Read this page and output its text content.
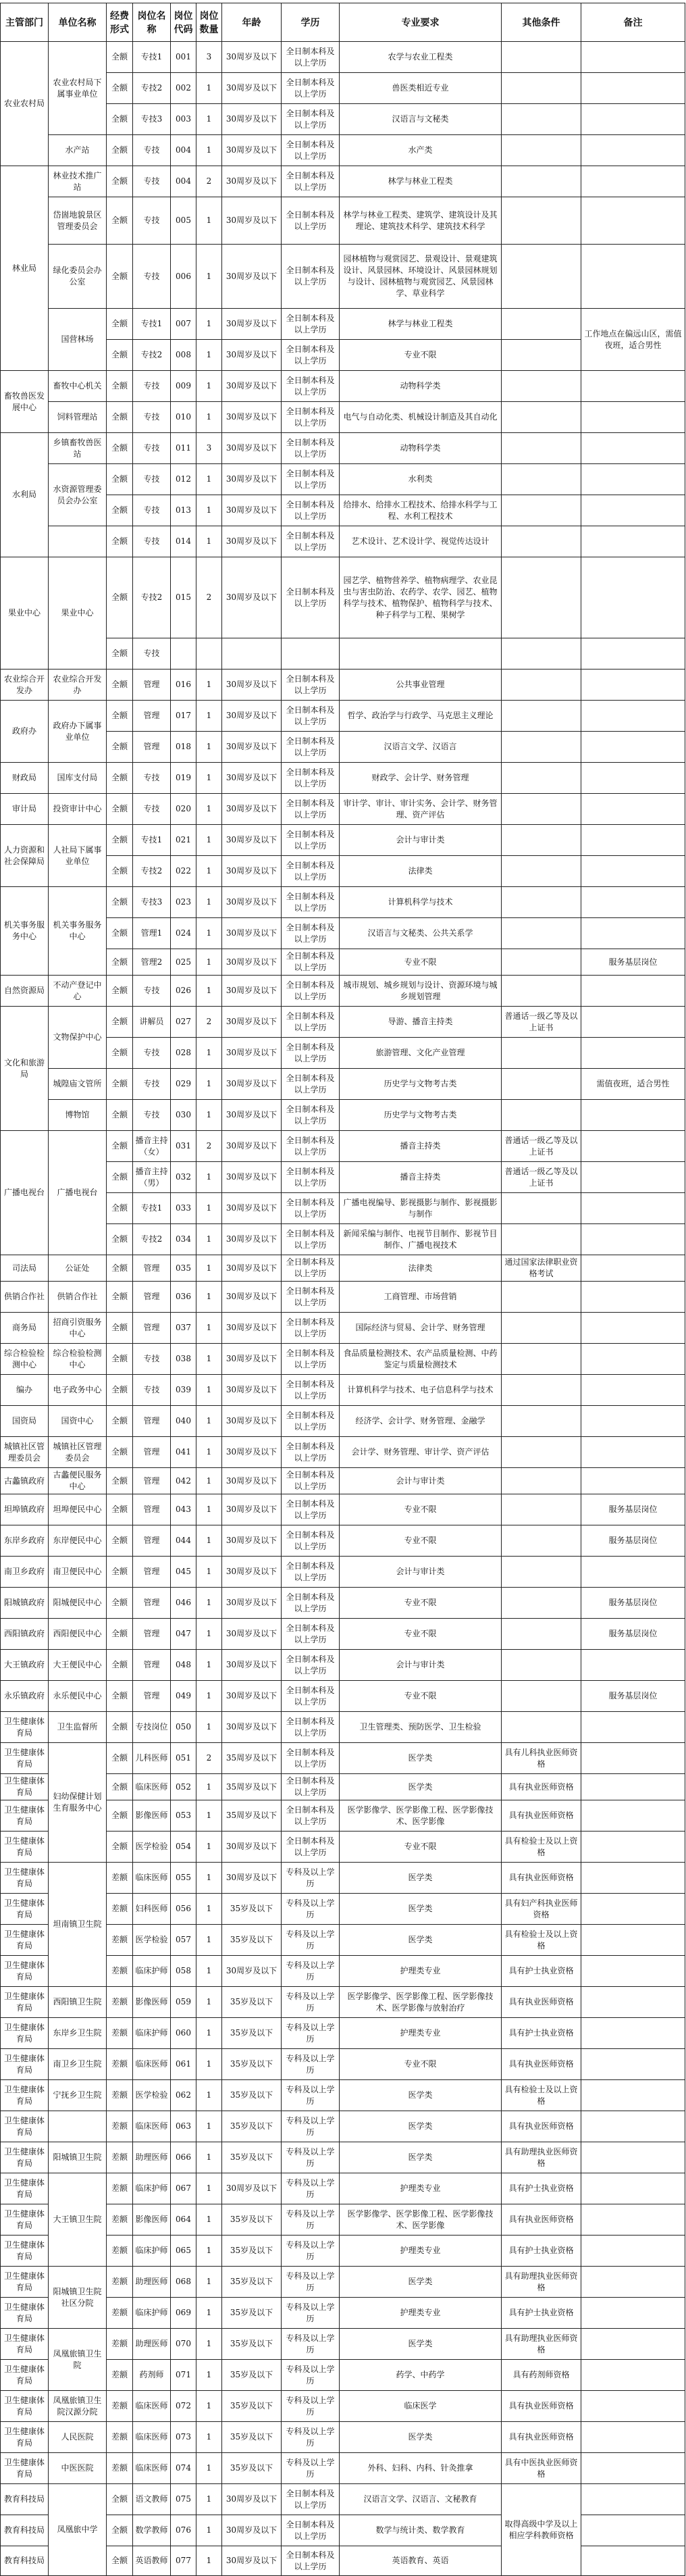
主管部门	单位名称	经费形式	岗位名称	岗位代码	岗位数量	年龄	学历	专业要求	其他条件	备注
农业农村局	农业农村局下属事业单位	全额	专技1	001	3	30周岁及以下	全日制本科及以上学历	农学与农业工程类		
		全额	专技2	002	1	30周岁及以下	全日制本科及以上学历	兽医类相近专业		
		全额	专技3	003	1	30周岁及以下	全日制本科及以上学历	汉语言与文秘类		
	水产站	全额	专技	004	1	30周岁及以下	全日制本科及以上学历	水产类		
林业局	林业技术推广站	全额	专技	004	2	30周岁及以下	全日制本科及以上学历	林学与林业工程类		
	岱崮地貌景区管理委员会	全额	专技	005	1	30周岁及以下	全日制本科及以上学历	林学与林业工程类、建筑学、建筑设计及其理论、建筑技术科学、建筑技术科学		
	绿化委员会办公室	全额	专技	006	1	30周岁及以下	全日制本科及以上学历	园林植物与观赏园艺、景观设计、景观建筑设计、风景园林、环境设计、风景园林规划与设计、园林植物与观赏园艺、风景园林学、草业科学		
	国营林场	全额	专技1	007	1	30周岁及以下	全日制本科及以上学历	林学与林业工程类		工作地点在偏远山区，需值夜班，适合男性
		全额	专技2	008	1	30周岁及以下	全日制本科及以上学历	专业不限		
畜牧兽医发展中心	畜牧中心机关	全额	专技	009	1	30周岁及以下	全日制本科及以上学历	动物科学类		
	饲料管理站	全额	专技	010	1	30周岁及以下	全日制本科及以上学历	电气与自动化类、机械设计制造及其自动化		
水利局	乡镇畜牧兽医站	全额	专技	011	3	30周岁及以下	全日制本科及以上学历	动物科学类		
	水资源管理委员会办公室	全额	专技	012	1	30周岁及以下	全日制本科及以上学历	水利类		
		全额	专技	013	1	30周岁及以下	全日制本科及以上学历	给排水、给排水工程技术、给排水科学与工程、水利工程技术		
		全额	专技	014	1	30周岁及以下	全日制本科及以上学历	艺术设计、艺术设计学、视觉传达设计		
果业中心	果业中心	全额	专技2	015	2	30周岁及以下	全日制本科及以上学历	园艺学、植物营养学、植物病理学、农业昆虫与害虫防治、农药学、农学、园艺、植物科学与技术、植物保护、植物科学与技术、种子科学与工程、果树学		
		全额	专技							
农业综合开发办	农业综合开发办	全额	管理	016	1	30周岁及以下	全日制本科及以上学历	公共事业管理		
政府办	政府办下属事业单位	全额	管理	017	1	30周岁及以下	全日制本科及以上学历	哲学、政治学与行政学、马克思主义理论		
		全额	管理	018	1	30周岁及以下	全日制本科及以上学历	汉语言文学、汉语言		
财政局	国库支付局	全额	专技	019	1	30周岁及以下	全日制本科及以上学历	财政学、会计学、财务管理		
审计局	投资审计中心	全额	专技	020	1	30周岁及以下	全日制本科及以上学历	审计学、审计、审计实务、会计学、财务管理、资产评估		
人力资源和社会保障局	人社局下属事业单位	全额	专技1	021	1	30周岁及以下	全日制本科及以上学历	会计与审计类		
		全额	专技2	022	1	30周岁及以下	全日制本科及以上学历	法律类		
机关事务服务中心	机关事务服务中心	全额	专技3	023	1	30周岁及以下	全日制本科及以上学历	计算机科学与技术		
		全额	管理1	024	1	30周岁及以下	全日制本科及以上学历	汉语言与文秘类、公共关系学		
		全额	管理2	025	1	30周岁及以下	全日制本科及以上学历	专业不限		服务基层岗位
自然资源局	不动产登记中心	全额	专技	026	1	30周岁及以下	全日制本科及以上学历	城市规划、城乡规划与设计、资源环境与城乡规划管理		
文化和旅游局	文物保护中心	全额	讲解员	027	2	30周岁及以下	全日制本科及以上学历	导游、播音主持类	普通话一级乙等及以上证书	
		全额	专技	028	1	30周岁及以下	全日制本科及以上学历	旅游管理、文化产业管理		
	城隍庙文管所	全额	专技	029	1	30周岁及以下	全日制本科及以上学历	历史学与文物考古类		需值夜班，适合男性
	博物馆	全额	专技	030	1	30周岁及以下	全日制本科及以上学历	历史学与文物考古类		
广播电视台	广播电视台	全额	播音主持（女）	031	2	30周岁及以下	全日制本科及以上学历	播音主持类	普通话一级乙等及以上证书	
		全额	播音主持（男）	032	1	30周岁及以下	全日制本科及以上学历	播音主持类	普通话一级乙等及以上证书	
		全额	专技1	033	1	30周岁及以下	全日制本科及以上学历	广播电视编导、影视摄影与制作、影视摄影与制作		
		全额	专技2	034	1	30周岁及以下	全日制本科及以上学历	新闻采编与制作、电视节目制作、影视节目制作、广播电视技术		
司法局	公证处	全额	管理	035	1	30周岁及以下	全日制本科及以上学历	法律类	通过国家法律职业资格考试	
供销合作社	供销合作社	全额	管理	036	1	30周岁及以下	全日制本科及以上学历	工商管理、市场营销		
商务局	招商引资服务中心	全额	管理	037	1	30周岁及以下	全日制本科及以上学历	国际经济与贸易、会计学、财务管理		
综合检验检测中心	综合检验检测中心	全额	专技	038	1	30周岁及以下	全日制本科及以上学历	食品质量检测技术、农产品质量检测、中药鉴定与质量检测技术		
编办	电子政务中心	全额	专技	039	1	30周岁及以下	全日制本科及以上学历	计算机科学与技术、电子信息科学与技术		
国资局	国资中心	全额	管理	040	1	30周岁及以下	全日制本科及以上学历	经济学、会计学、财务管理、金融学		
城镇社区管理委员会	城镇社区管理委员会	全额	管理	041	1	30周岁及以下	全日制本科及以上学历	会计学、财务管理、审计学、资产评估		
古蠡镇政府	古蠡便民服务中心	全额	管理	042	1	30周岁及以下	全日制本科及以上学历	会计与审计类		
坦埠镇政府	坦埠便民中心	全额	管理	043	1	30周岁及以下	全日制本科及以上学历	专业不限		服务基层岗位
东岸乡政府	东岸便民中心	全额	管理	044	1	30周岁及以下	全日制本科及以上学历	专业不限		服务基层岗位
南卫乡政府	南卫便民中心	全额	管理	045	1	30周岁及以下	全日制本科及以上学历	会计与审计类		
阳城镇政府	阳城便民中心	全额	管理	046	1	30周岁及以下	全日制本科及以上学历	专业不限		服务基层岗位
西阳镇政府	西阳便民中心	全额	管理	047	1	30周岁及以下	全日制本科及以上学历	专业不限		服务基层岗位
大王镇政府	大王便民中心	全额	管理	048	1	30周岁及以下	全日制本科及以上学历	会计与审计类		
永乐镇政府	永乐便民中心	全额	管理	049	1	30周岁及以下	全日制本科及以上学历	专业不限		服务基层岗位
卫生健康体育局	卫生监督所	全额	专技岗位	050	1	30周岁及以下	全日制本科及以上学历	卫生管理类、预防医学、卫生检验		
卫生健康体育局	妇幼保健计划生育服务中心	全额	儿科医师	051	2	35周岁及以下	全日制本科及以上学历	医学类	具有儿科执业医师资格	
卫生健康体育局		全额	临床医师	052	1	35周岁及以下	全日制本科及以上学历	医学类	具有执业医师资格	
卫生健康体育局		全额	影像医师	053	1	35周岁及以下	全日制本科及以上学历	医学影像学、医学影像工程、医学影像技术、医学影像	具有执业医师资格	
卫生健康体育局		全额	医学检验	054	1	30周岁及以下	全日制本科及以上学历	专业不限	具有检验士及以上资格	
卫生健康体育局	坦南镇卫生院	差额	临床医师	055	1	30周岁及以下	专科及以上学历	医学类	具有执业医师资格	
卫生健康体育局		差额	妇科医师	056	1	35岁及以下	专科及以上学历	医学类	具有妇产科执业医师资格	
卫生健康体育局		差额	医学检验	057	1	35岁及以下	专科及以上学历	医学类	具有检验士及以上资格	
卫生健康体育局		差额	临床护师	058	1	30周岁及以下	专科及以上学历	护理类专业	具有护士执业资格	
卫生健康体育局	西阳镇卫生院	差额	影像医师	059	1	35岁及以下	专科及以上学历	医学影像学、医学影像工程、医学影像技术、医学影像与放射治疗	具有执业医师资格	
卫生健康体育局	东岸乡卫生院	差额	临床护师	060	1	35岁及以下	专科及以上学历	护理类专业	具有护士执业资格	
卫生健康体育局	南卫乡卫生院	差额	临床医师	061	1	35岁及以下	专科及以上学历	专业不限	具有执业医师资格	
卫生健康体育局	宁抚乡卫生院	差额	医学检验	062	1	35岁及以下	专科及以上学历	医学类	具有检验士及以上资格	
卫生健康体育局		差额	临床医师	063	1	35岁及以下	专科及以上学历	医学类	具有执业医师资格	
卫生健康体育局	阳城镇卫生院	差额	助理医师	066	1	35岁及以下	专科及以上学历	医学类	具有助理执业医师资格	
卫生健康体育局	大王镇卫生院	差额	临床护师	067	1	30周岁及以下	专科及以上学历	护理类专业	具有护士执业资格	
卫生健康体育局		差额	影像医师	064	1	35岁及以下	专科及以上学历	医学影像学、医学影像工程、医学影像技术、医学影像	具有执业医师资格	
卫生健康体育局		差额	临床护师	065	1	35岁及以下	专科及以上学历	护理类专业	具有护士执业资格	
卫生健康体育局	阳城镇卫生院社区分院	差额	助理医师	068	1	35岁及以下	专科及以上学历	医学类	具有助理执业医师资格	
卫生健康体育局		差额	临床护师	069	1	35岁及以下	专科及以上学历	护理类专业	具有护士执业资格	
卫生健康体育局	凤凰旅镇卫生院	差额	助理医师	070	1	35岁及以下	专科及以上学历	医学类	具有助理执业医师资格	
卫生健康体育局		差额	药剂师	071	1	35岁及以下	专科及以上学历	药学、中药学	具有药剂师资格	
卫生健康体育局	凤凰旅镇卫生院汉源分院	差额	临床医师	072	1	35岁及以下	专科及以上学历	临床医学	具有执业医师资格	
卫生健康体育局	人民医院	差额	临床医师	073	1	35岁及以下	专科及以上学历	医学类	具有执业医师资格	
卫生健康体育局	中医医院	差额	临床医师	074	1	35岁及以下	专科及以上学历	外科、妇科、内科、针灸推拿	具有中医执业医师资格	
教育科技局	凤凰旅中学	全额	语文教师	075	1	30周岁及以下	全日制本科及以上学历	汉语言文学、汉语言、文秘教育	取得高级中学及以上相应学科教师资格	
教育科技局		全额	数学教师	076	1	30周岁及以下	全日制本科及以上学历	数学与统计类、数学教育		
教育科技局		全额	英语教师	077	1	30周岁及以下	全日制本科及以上学历	英语教育、英语		
